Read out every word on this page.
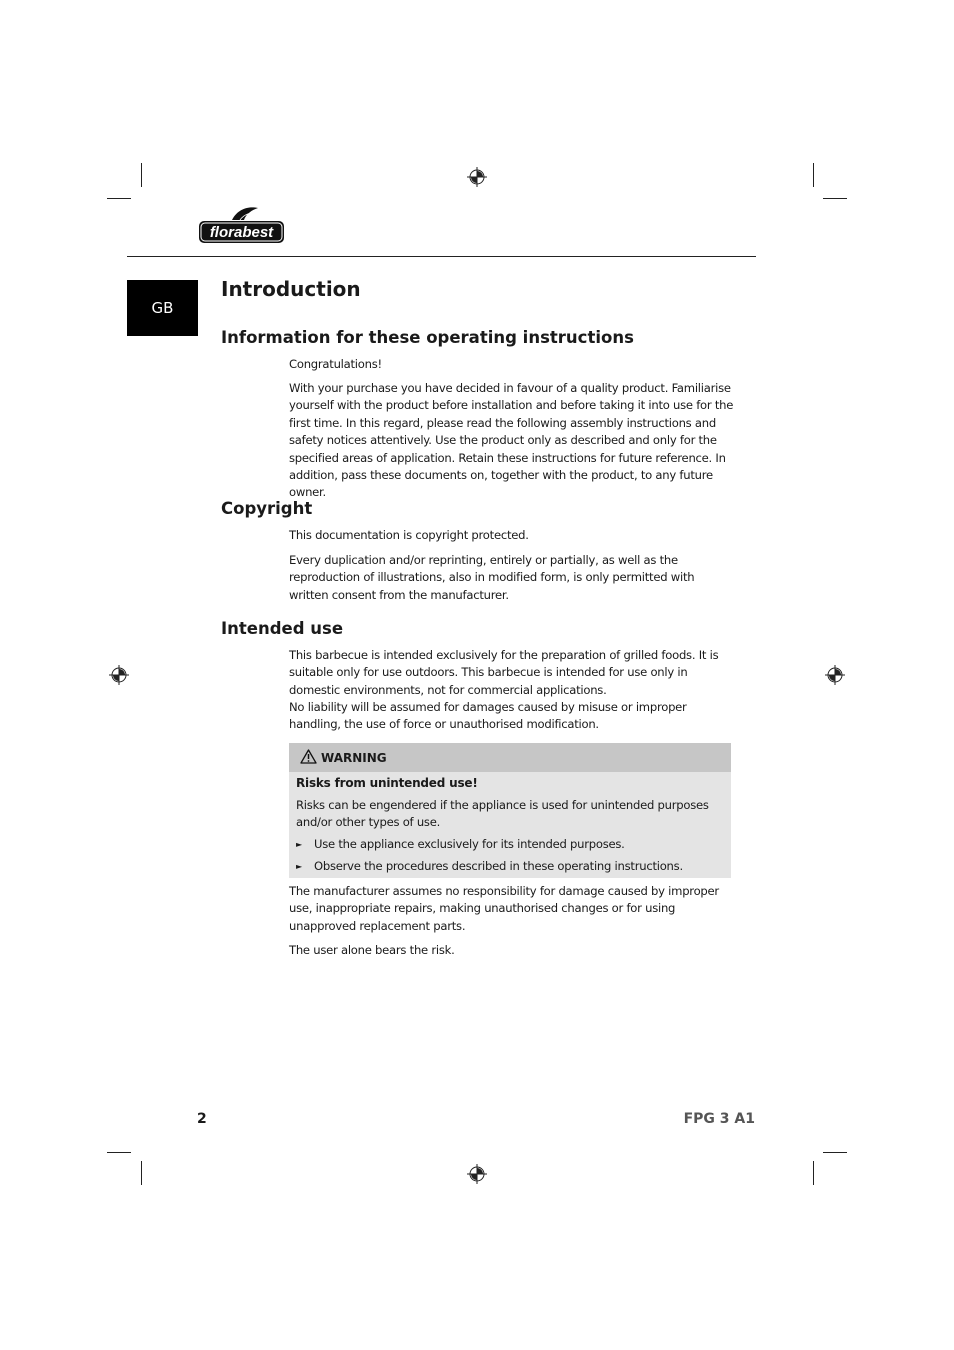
florabest
GB
Introduction
Information for these operating instructions

Congratulations!

With your purchase you have decided in favour of a quality product. Familiarise yourself with the product before installation and before taking it into use for the first time. In this regard, please read the following assembly instructions and safety notices attentively. Use the product only as described and only for the specified areas of application. Retain these instructions for future reference. In addition, pass these documents on, together with the product, to any future owner.

Copyright

This documentation is copyright protected.

Every duplication and/or reprinting, entirely or partially, as well as the reproduction of illustrations, also in modified form, is only permitted with written consent from the manufacturer.

Intended use

This barbecue is intended exclusively for the preparation of grilled foods. It is suitable only for use outdoors. This barbecue is intended for use only in domestic environments, not for commercial applications.

No liability will be assumed for damages caused by misuse or improper handling, the use of force or unauthorised modification.

WARNING
Risks from unintended use!

Risks can be engendered if the appliance is used for unintended purposes and/or other types of use.

► Use the appliance exclusively for its intended purposes.
► Observe the procedures described in these operating instructions.

The manufacturer assumes no responsibility for damage caused by improper use, inappropriate repairs, making unauthorised changes or for using unapproved replacement parts.

The user alone bears the risk.

2	FPG 3 A1
